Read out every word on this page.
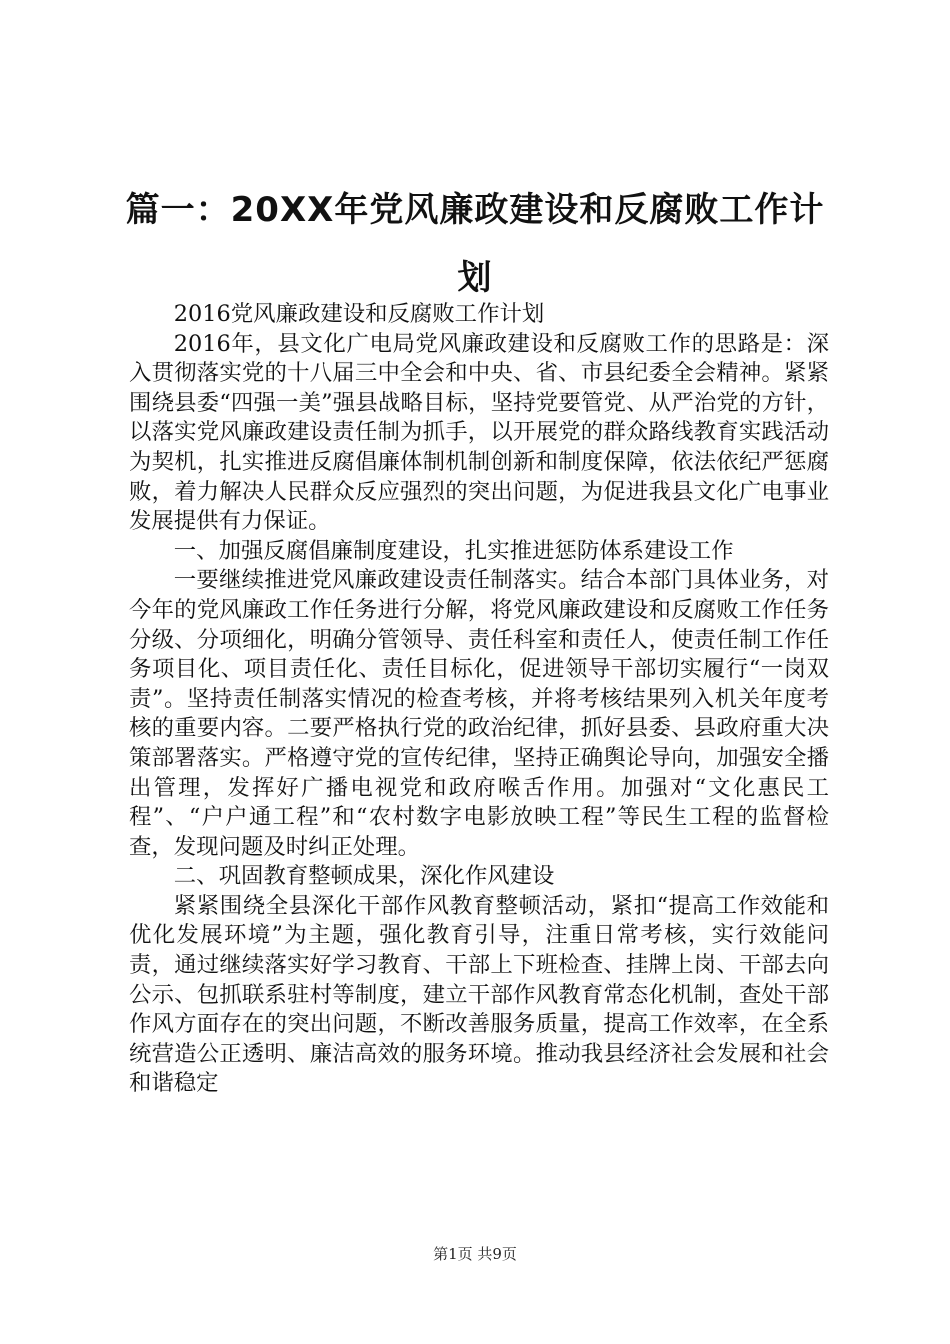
篇一：20XX年党风廉政建设和反腐败工作计划

2016党风廉政建设和反腐败工作计划

2016年，县文化广电局党风廉政建设和反腐败工作的思路是：深入贯彻落实党的十八届三中全会和中央、省、市县纪委全会精神。紧紧围绕县委“四强一美”强县战略目标，坚持党要管党、从严治党的方针，以落实党风廉政建设责任制为抓手，以开展党的群众路线教育实践活动为契机，扎实推进反腐倡廉体制机制创新和制度保障，依法依纪严惩腐败，着力解决人民群众反应强烈的突出问题，为促进我县文化广电事业发展提供有力保证。

一、加强反腐倡廉制度建设，扎实推进惩防体系建设工作

一要继续推进党风廉政建设责任制落实。结合本部门具体业务，对今年的党风廉政工作任务进行分解，将党风廉政建设和反腐败工作任务分级、分项细化，明确分管领导、责任科室和责任人，使责任制工作任务项目化、项目责任化、责任目标化，促进领导干部切实履行“一岗双责”。坚持责任制落实情况的检查考核，并将考核结果列入机关年度考核的重要内容。二要严格执行党的政治纪律，抓好县委、县政府重大决策部署落实。严格遵守党的宣传纪律，坚持正确舆论导向，加强安全播出管理，发挥好广播电视党和政府喉舌作用。加强对“文化惠民工程”、“户户通工程”和“农村数字电影放映工程”等民生工程的监督检查，发现问题及时纠正处理。

二、巩固教育整顿成果，深化作风建设

紧紧围绕全县深化干部作风教育整顿活动，紧扣“提高工作效能和优化发展环境”为主题，强化教育引导，注重日常考核，实行效能问责，通过继续落实好学习教育、干部上下班检查、挂牌上岗、干部去向公示、包抓联系驻村等制度，建立干部作风教育常态化机制，查处干部作风方面存在的突出问题，不断改善服务质量，提高工作效率，在全系统营造公正透明、廉洁高效的服务环境。推动我县经济社会发展和社会和谐稳定

第1页 共9页
